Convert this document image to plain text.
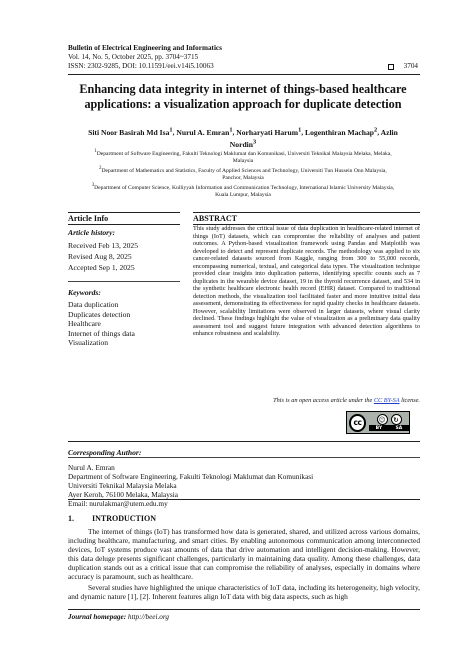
Bulletin of Electrical Engineering and Informatics
Vol. 14, No. 5, October 2025, pp. 3704~3715
ISSN: 2302-9285, DOI: 10.11591/eei.v14i5.10063	3704
Enhancing data integrity in internet of things-based healthcare
applications: a visualization approach for duplicate detection
Siti Noor Basirah Md Isa$^1$, Nurul A. Emran$^1$, Norharyati Harum$^1$, Logenthiran Machap$^2$, Azlin Nordin$^3$
$^1$Department of Software Engineering, Fakulti Teknologi Maklumat dan Komunikasi, Universiti Teknikal Malaysia Melaka, Melaka,
Malaysia
$^2$Department of Mathematics and Statistics, Faculty of Applied Sciences and Technology, Universiti Tun Hussein Onn Malaysia,
Panchor, Malaysia
$^3$Department of Computer Science, Kulliyyah Information and Communication Technology, International Islamic University Malaysia,
Kuala Lumpur, Malaysia
Article Info
Article history:
Received Feb 13, 2025
Revised Aug 8, 2025
Accepted Sep 1, 2025
Keywords:
Data duplication
Duplicates detection
Healthcare
Internet of things data
Visualization
ABSTRACT
This study addresses the critical issue of data duplication in healthcare-related internet of things (IoT) datasets, which can compromise the reliability of analyses and patient outcomes. A Python-based visualization framework using Pandas and Matplotlib was developed to detect and represent duplicate records. The methodology was applied to six cancer-related datasets sourced from Kaggle, ranging from 300 to 55,000 records, encompassing numerical, textual, and categorical data types. The visualization technique provided clear insights into duplication patterns, identifying specific counts such as 7 duplicates in the wearable device dataset, 19 in the thyroid recurrence dataset, and 534 in the synthetic healthcare electronic health record (EHR) dataset. Compared to traditional detection methods, the visualization tool facilitated faster and more intuitive initial data assessment, demonstrating its effectiveness for rapid quality checks in healthcare datasets. However, scalability limitations were observed in larger datasets, where visual clarity declined. These findings highlight the value of visualization as a preliminary data quality assessment tool and suggest future integration with advanced detection algorithms to enhance robustness and scalability.
This is an open access article under the CC BY-SA license.
cc	☺	↻
BY	SA
Corresponding Author:
Nurul A. Emran
Department of Software Engineering, Fakulti Teknologi Maklumat dan Komunikasi
Universiti Teknikal Malaysia Melaka
Ayer Keroh, 76100 Melaka, Malaysia
Email: nurulakmar@utem.edu.my
1. INTRODUCTION
The internet of things (IoT) has transformed how data is generated, shared, and utilized across various domains, including healthcare, manufacturing, and smart cities. By enabling autonomous communication among interconnected devices, IoT systems produce vast amounts of data that drive automation and intelligent decision-making. However, this data deluge presents significant challenges, particularly in maintaining data quality. Among these challenges, data duplication stands out as a critical issue that can compromise the reliability of analyses, especially in domains where accuracy is paramount, such as healthcare.
Several studies have highlighted the unique characteristics of IoT data, including its heterogeneity, high velocity, and dynamic nature [1], [2]. Inherent features align IoT data with big data aspects, such as high
Journal homepage: http://beei.org
